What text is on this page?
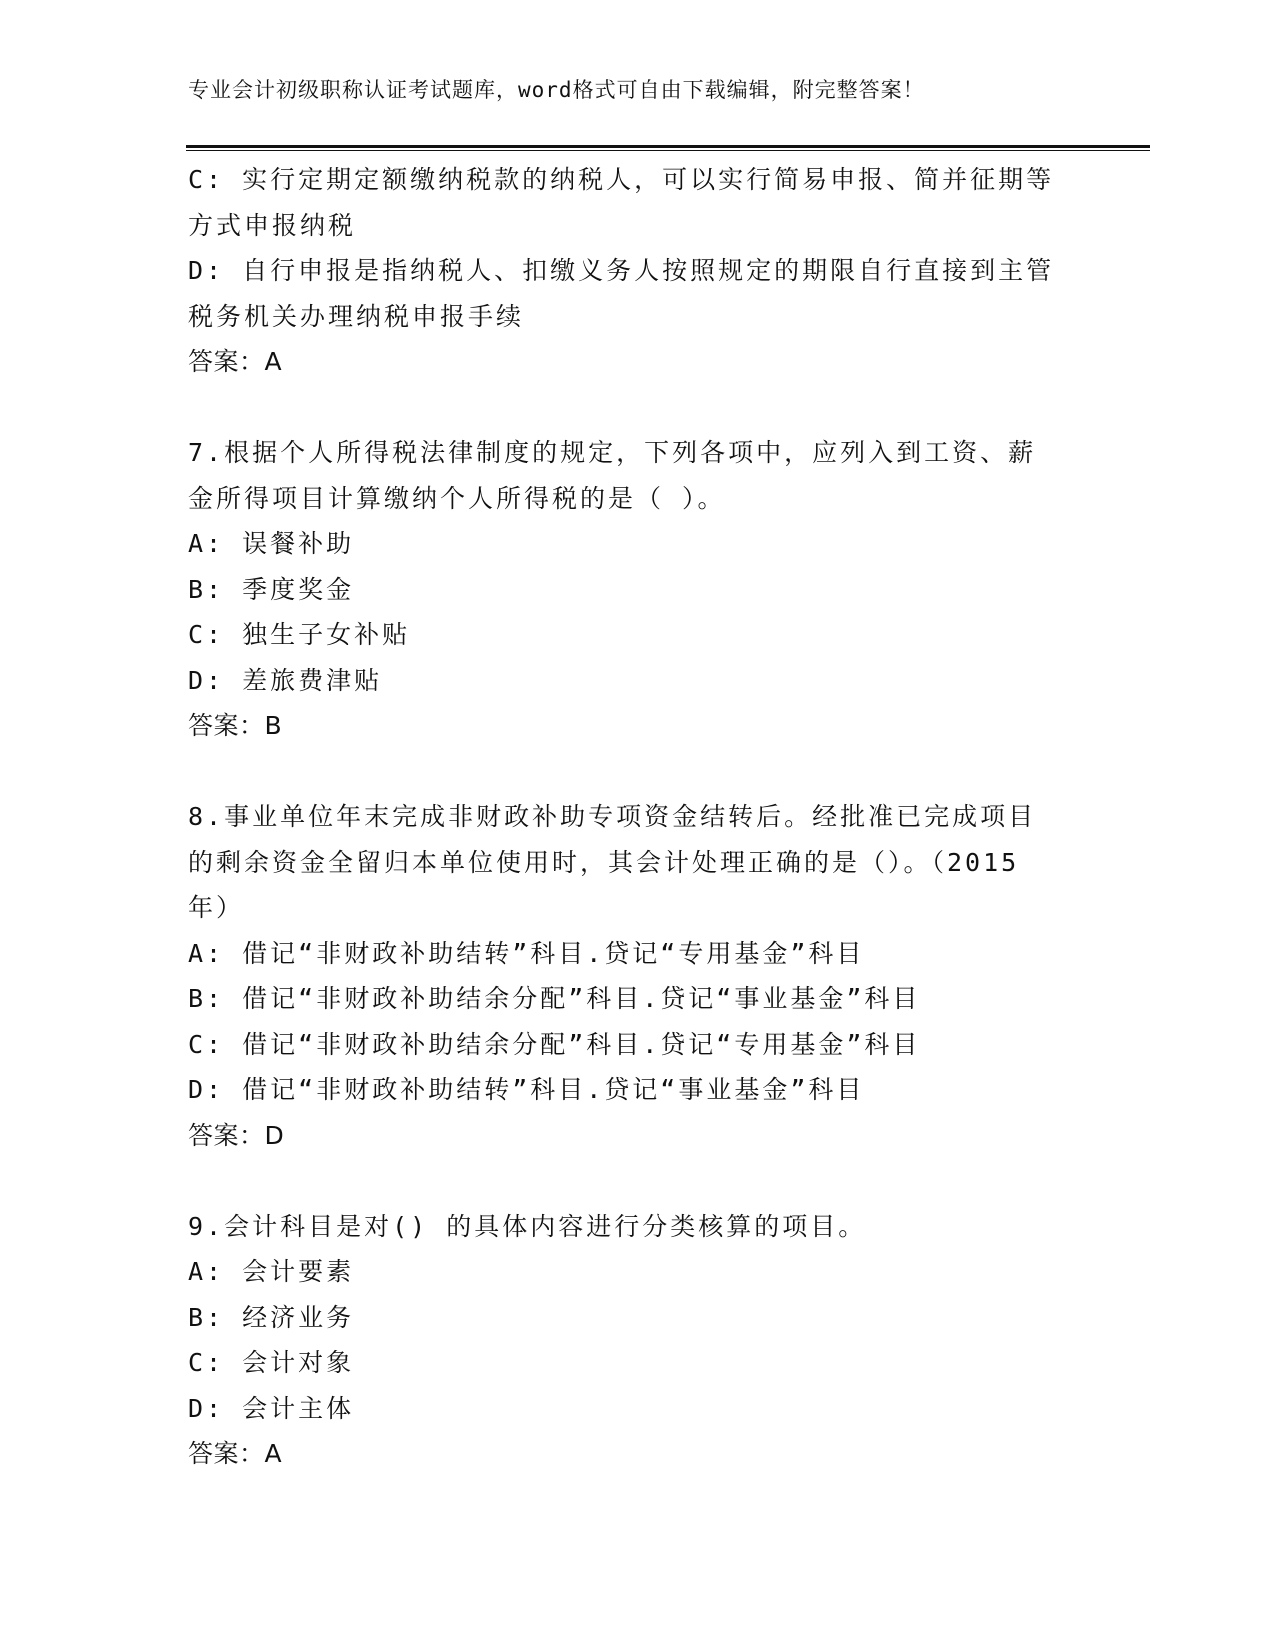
专业会计初级职称认证考试题库，word格式可自由下载编辑，附完整答案！
C: 实行定期定额缴纳税款的纳税人，可以实行简易申报、简并征期等
方式申报纳税
D: 自行申报是指纳税人、扣缴义务人按照规定的期限自行直接到主管
税务机关办理纳税申报手续
答案：A
7.根据个人所得税法律制度的规定，下列各项中，应列入到工资、薪
金所得项目计算缴纳个人所得税的是（ ）。
A: 误餐补助
B: 季度奖金
C: 独生子女补贴
D: 差旅费津贴
答案：B
8.事业单位年末完成非财政补助专项资金结转后。经批准已完成项目
的剩余资金全留归本单位使用时，其会计处理正确的是（）。（2015
年）
A: 借记“非财政补助结转”科目.贷记“专用基金”科目
B: 借记“非财政补助结余分配”科目.贷记“事业基金”科目
C: 借记“非财政补助结余分配”科目.贷记“专用基金”科目
D: 借记“非财政补助结转”科目.贷记“事业基金”科目
答案：D
9.会计科目是对() 的具体内容进行分类核算的项目。
A: 会计要素
B: 经济业务
C: 会计对象
D: 会计主体
答案：A
